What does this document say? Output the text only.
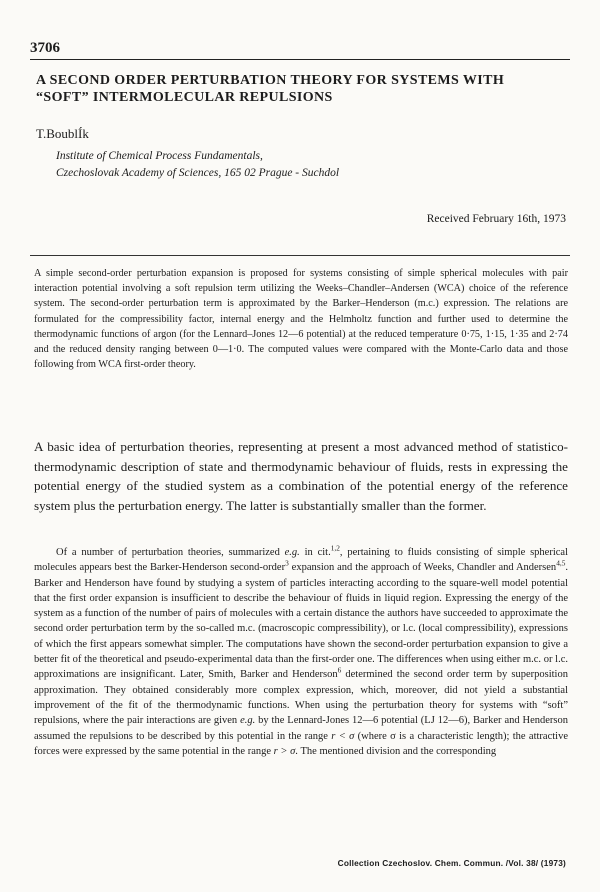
3706
A SECOND ORDER PERTURBATION THEORY FOR SYSTEMS WITH “SOFT” INTERMOLECULAR REPULSIONS
T.BoublÍk
Institute of Chemical Process Fundamentals,
Czechoslovak Academy of Sciences, 165 02 Prague - Suchdol
Received February 16th, 1973

A simple second-order perturbation expansion is proposed for systems consisting of simple spherical molecules with pair interaction potential involving a soft repulsion term utilizing the Weeks–Chandler–Andersen (WCA) choice of the reference system. The second-order perturbation term is approximated by the Barker–Henderson (m.c.) expression. The relations are formulated for the compressibility factor, internal energy and the Helmholtz function and further used to determine the thermodynamic functions of argon (for the Lennard–Jones 12—6 potential) at the reduced temperature 0·75, 1·15, 1·35 and 2·74 and the reduced density ranging between 0—1·0. The computed values were compared with the Monte-Carlo data and those following from WCA first-order theory.

A basic idea of perturbation theories, representing at present a most advanced method of statistico-thermodynamic description of state and thermodynamic behaviour of fluids, rests in expressing the potential energy of the studied system as a combination of the potential energy of the reference system plus the perturbation energy. The latter is substantially smaller than the former.

Of a number of perturbation theories, summarized e.g. in cit.$^{1,2}$, pertaining to fluids consisting of simple spherical molecules appears best the Barker-Henderson second-order$^3$ expansion and the approach of Weeks, Chandler and Andersen$^{4,5}$. Barker and Henderson have found by studying a system of particles interacting according to the square-well model potential that the first order expansion is insufficient to describe the behaviour of fluids in liquid region. Expressing the energy of the system as a function of the number of pairs of molecules with a certain distance the authors have succeeded to approximate the second order perturbation term by the so-called m.c. (macroscopic compressibility), or l.c. (local compressibility), expressions of which the first appears somewhat simpler. The computations have shown the second-order perturbation expansion to give a better fit of the theoretical and pseudo-experimental data than the first-order one. The differences when using either m.c. or l.c. approximations are insignificant. Later, Smith, Barker and Henderson$^6$ determined the second order term by superposition approximation. They obtained considerably more complex expression, which, moreover, did not yield a substantial improvement of the fit of the thermodynamic functions. When using the perturbation theory for systems with “soft” repulsions, where the pair interactions are given e.g. by the Lennard-Jones 12—6 potential (LJ 12—6), Barker and Henderson assumed the repulsions to be described by this potential in the range r < σ (where σ is a characteristic length); the attractive forces were expressed by the same potential in the range r > σ. The mentioned division and the corresponding

Collection Czechoslov. Chem. Commun. /Vol. 38/ (1973)
